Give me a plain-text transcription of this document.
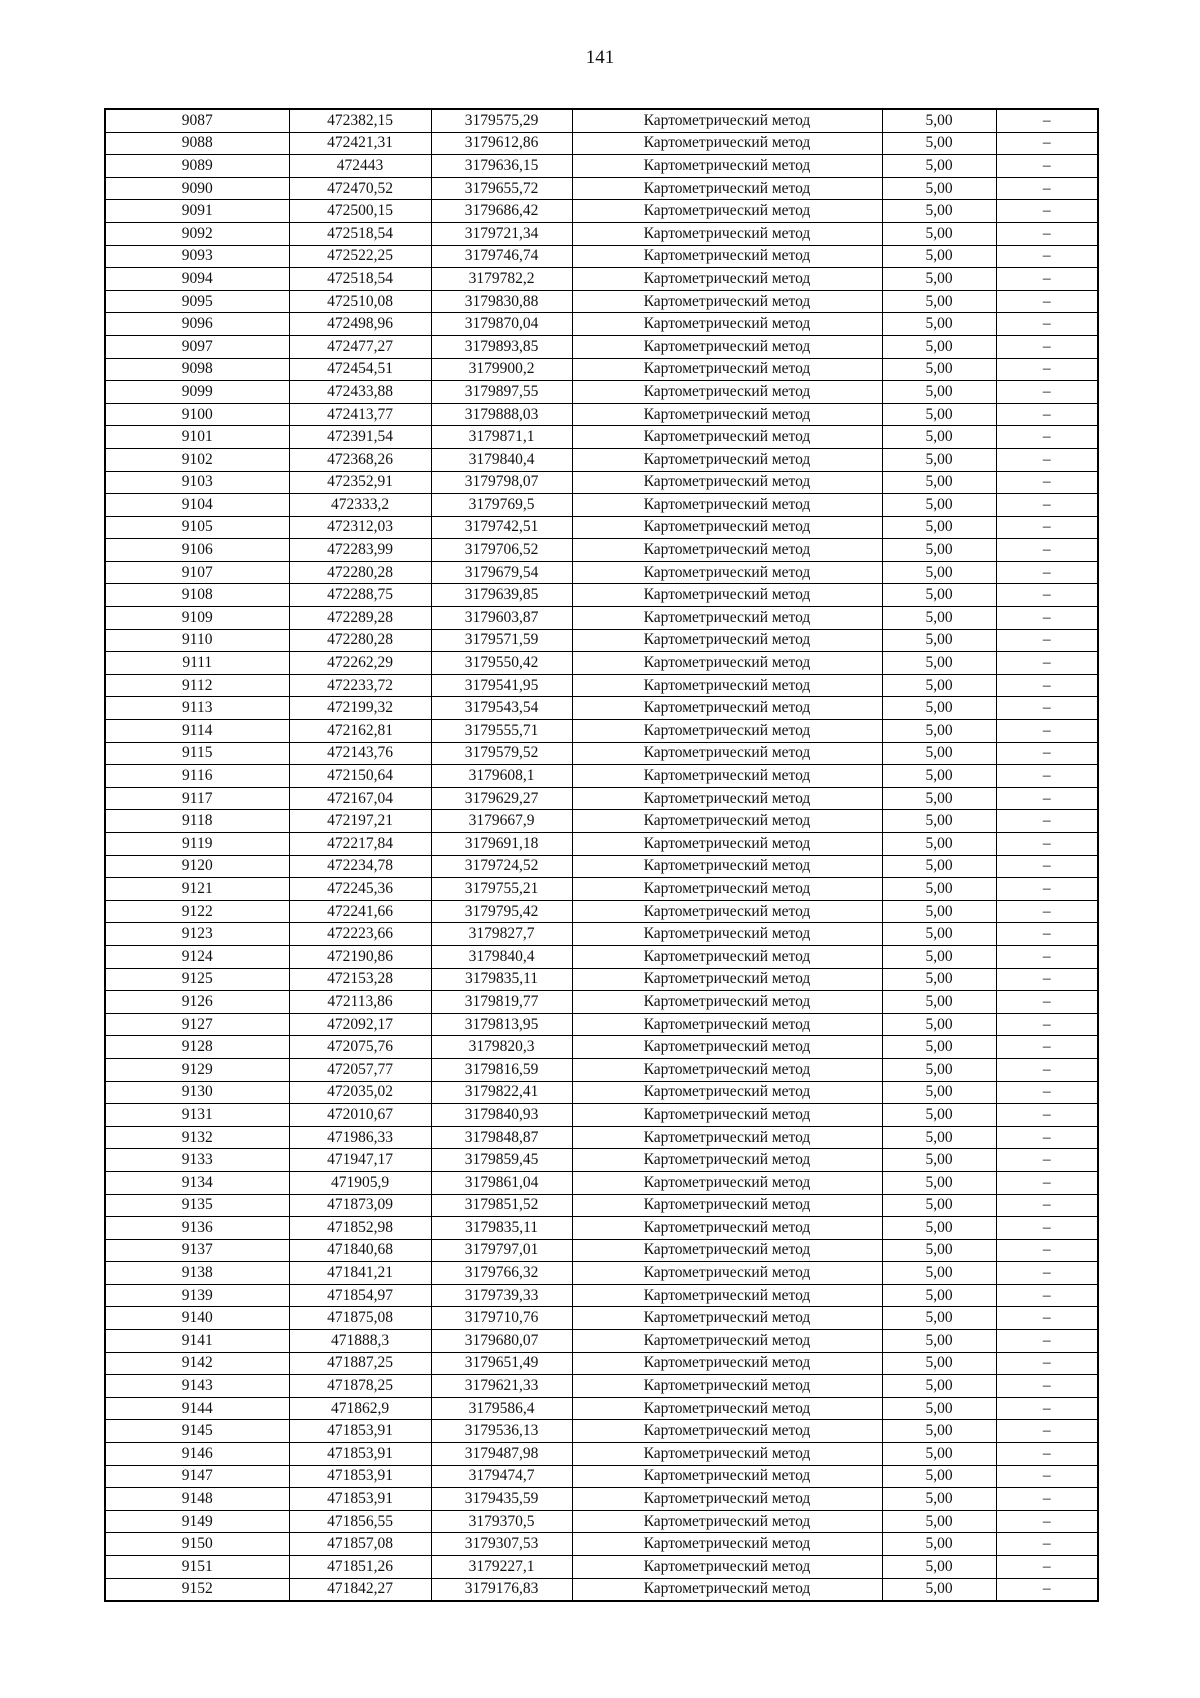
141
9087	472382,15	3179575,29	Картометрический метод	5,00	–
9088	472421,31	3179612,86	Картометрический метод	5,00	–
9089	472443	3179636,15	Картометрический метод	5,00	–
9090	472470,52	3179655,72	Картометрический метод	5,00	–
9091	472500,15	3179686,42	Картометрический метод	5,00	–
9092	472518,54	3179721,34	Картометрический метод	5,00	–
9093	472522,25	3179746,74	Картометрический метод	5,00	–
9094	472518,54	3179782,2	Картометрический метод	5,00	–
9095	472510,08	3179830,88	Картометрический метод	5,00	–
9096	472498,96	3179870,04	Картометрический метод	5,00	–
9097	472477,27	3179893,85	Картометрический метод	5,00	–
9098	472454,51	3179900,2	Картометрический метод	5,00	–
9099	472433,88	3179897,55	Картометрический метод	5,00	–
9100	472413,77	3179888,03	Картометрический метод	5,00	–
9101	472391,54	3179871,1	Картометрический метод	5,00	–
9102	472368,26	3179840,4	Картометрический метод	5,00	–
9103	472352,91	3179798,07	Картометрический метод	5,00	–
9104	472333,2	3179769,5	Картометрический метод	5,00	–
9105	472312,03	3179742,51	Картометрический метод	5,00	–
9106	472283,99	3179706,52	Картометрический метод	5,00	–
9107	472280,28	3179679,54	Картометрический метод	5,00	–
9108	472288,75	3179639,85	Картометрический метод	5,00	–
9109	472289,28	3179603,87	Картометрический метод	5,00	–
9110	472280,28	3179571,59	Картометрический метод	5,00	–
9111	472262,29	3179550,42	Картометрический метод	5,00	–
9112	472233,72	3179541,95	Картометрический метод	5,00	–
9113	472199,32	3179543,54	Картометрический метод	5,00	–
9114	472162,81	3179555,71	Картометрический метод	5,00	–
9115	472143,76	3179579,52	Картометрический метод	5,00	–
9116	472150,64	3179608,1	Картометрический метод	5,00	–
9117	472167,04	3179629,27	Картометрический метод	5,00	–
9118	472197,21	3179667,9	Картометрический метод	5,00	–
9119	472217,84	3179691,18	Картометрический метод	5,00	–
9120	472234,78	3179724,52	Картометрический метод	5,00	–
9121	472245,36	3179755,21	Картометрический метод	5,00	–
9122	472241,66	3179795,42	Картометрический метод	5,00	–
9123	472223,66	3179827,7	Картометрический метод	5,00	–
9124	472190,86	3179840,4	Картометрический метод	5,00	–
9125	472153,28	3179835,11	Картометрический метод	5,00	–
9126	472113,86	3179819,77	Картометрический метод	5,00	–
9127	472092,17	3179813,95	Картометрический метод	5,00	–
9128	472075,76	3179820,3	Картометрический метод	5,00	–
9129	472057,77	3179816,59	Картометрический метод	5,00	–
9130	472035,02	3179822,41	Картометрический метод	5,00	–
9131	472010,67	3179840,93	Картометрический метод	5,00	–
9132	471986,33	3179848,87	Картометрический метод	5,00	–
9133	471947,17	3179859,45	Картометрический метод	5,00	–
9134	471905,9	3179861,04	Картометрический метод	5,00	–
9135	471873,09	3179851,52	Картометрический метод	5,00	–
9136	471852,98	3179835,11	Картометрический метод	5,00	–
9137	471840,68	3179797,01	Картометрический метод	5,00	–
9138	471841,21	3179766,32	Картометрический метод	5,00	–
9139	471854,97	3179739,33	Картометрический метод	5,00	–
9140	471875,08	3179710,76	Картометрический метод	5,00	–
9141	471888,3	3179680,07	Картометрический метод	5,00	–
9142	471887,25	3179651,49	Картометрический метод	5,00	–
9143	471878,25	3179621,33	Картометрический метод	5,00	–
9144	471862,9	3179586,4	Картометрический метод	5,00	–
9145	471853,91	3179536,13	Картометрический метод	5,00	–
9146	471853,91	3179487,98	Картометрический метод	5,00	–
9147	471853,91	3179474,7	Картометрический метод	5,00	–
9148	471853,91	3179435,59	Картометрический метод	5,00	–
9149	471856,55	3179370,5	Картометрический метод	5,00	–
9150	471857,08	3179307,53	Картометрический метод	5,00	–
9151	471851,26	3179227,1	Картометрический метод	5,00	–
9152	471842,27	3179176,83	Картометрический метод	5,00	–
